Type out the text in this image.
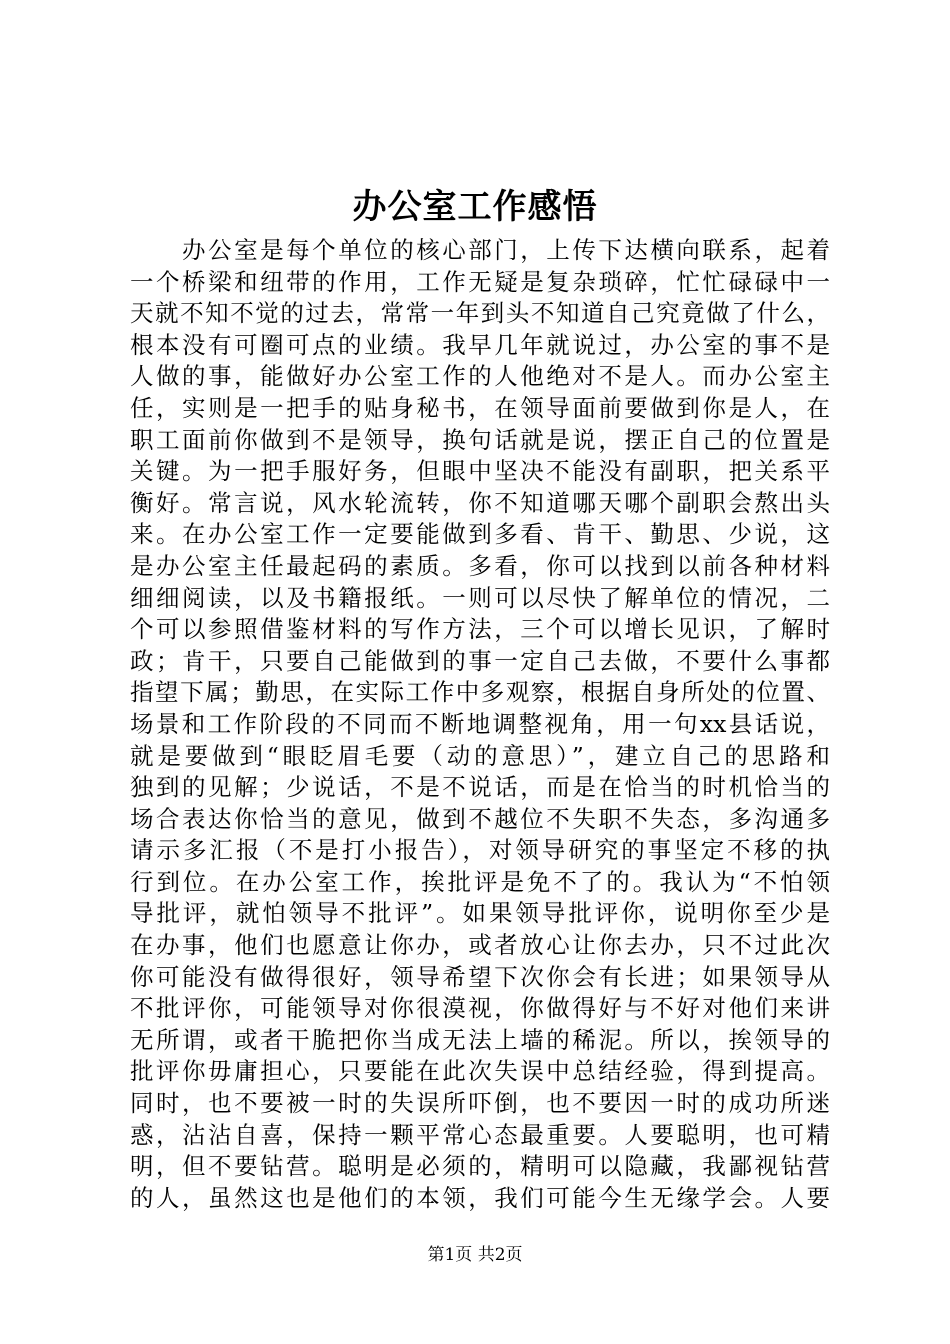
办公室工作感悟
　　办公室是每个单位的核心部门，上传下达横向联系，起着
一个桥梁和纽带的作用，工作无疑是复杂琐碎，忙忙碌碌中一
天就不知不觉的过去，常常一年到头不知道自己究竟做了什么，
根本没有可圈可点的业绩。我早几年就说过，办公室的事不是
人做的事，能做好办公室工作的人他绝对不是人。而办公室主
任，实则是一把手的贴身秘书，在领导面前要做到你是人，在
职工面前你做到不是领导，换句话就是说，摆正自己的位置是
关键。为一把手服好务，但眼中坚决不能没有副职，把关系平
衡好。常言说，风水轮流转，你不知道哪天哪个副职会熬出头
来。在办公室工作一定要能做到多看、肯干、勤思、少说，这
是办公室主任最起码的素质。多看，你可以找到以前各种材料
细细阅读，以及书籍报纸。一则可以尽快了解单位的情况，二
个可以参照借鉴材料的写作方法，三个可以增长见识，了解时
政；肯干，只要自己能做到的事一定自己去做，不要什么事都
指望下属；勤思，在实际工作中多观察，根据自身所处的位置、
场景和工作阶段的不同而不断地调整视角，用一句xx县话说，
就是要做到“眼眨眉毛要（动的意思）”，建立自己的思路和
独到的见解；少说话，不是不说话，而是在恰当的时机恰当的
场合表达你恰当的意见，做到不越位不失职不失态，多沟通多
请示多汇报（不是打小报告），对领导研究的事坚定不移的执
行到位。在办公室工作，挨批评是免不了的。我认为“不怕领
导批评，就怕领导不批评”。如果领导批评你，说明你至少是
在办事，他们也愿意让你办，或者放心让你去办，只不过此次
你可能没有做得很好，领导希望下次你会有长进；如果领导从
不批评你，可能领导对你很漠视，你做得好与不好对他们来讲
无所谓，或者干脆把你当成无法上墙的稀泥。所以，挨领导的
批评你毋庸担心，只要能在此次失误中总结经验，得到提高。
同时，也不要被一时的失误所吓倒，也不要因一时的成功所迷
惑，沾沾自喜，保持一颗平常心态最重要。人要聪明，也可精
明，但不要钻营。聪明是必须的，精明可以隐藏，我鄙视钻营
的人，虽然这也是他们的本领，我们可能今生无缘学会。人要
第1页 共2页
